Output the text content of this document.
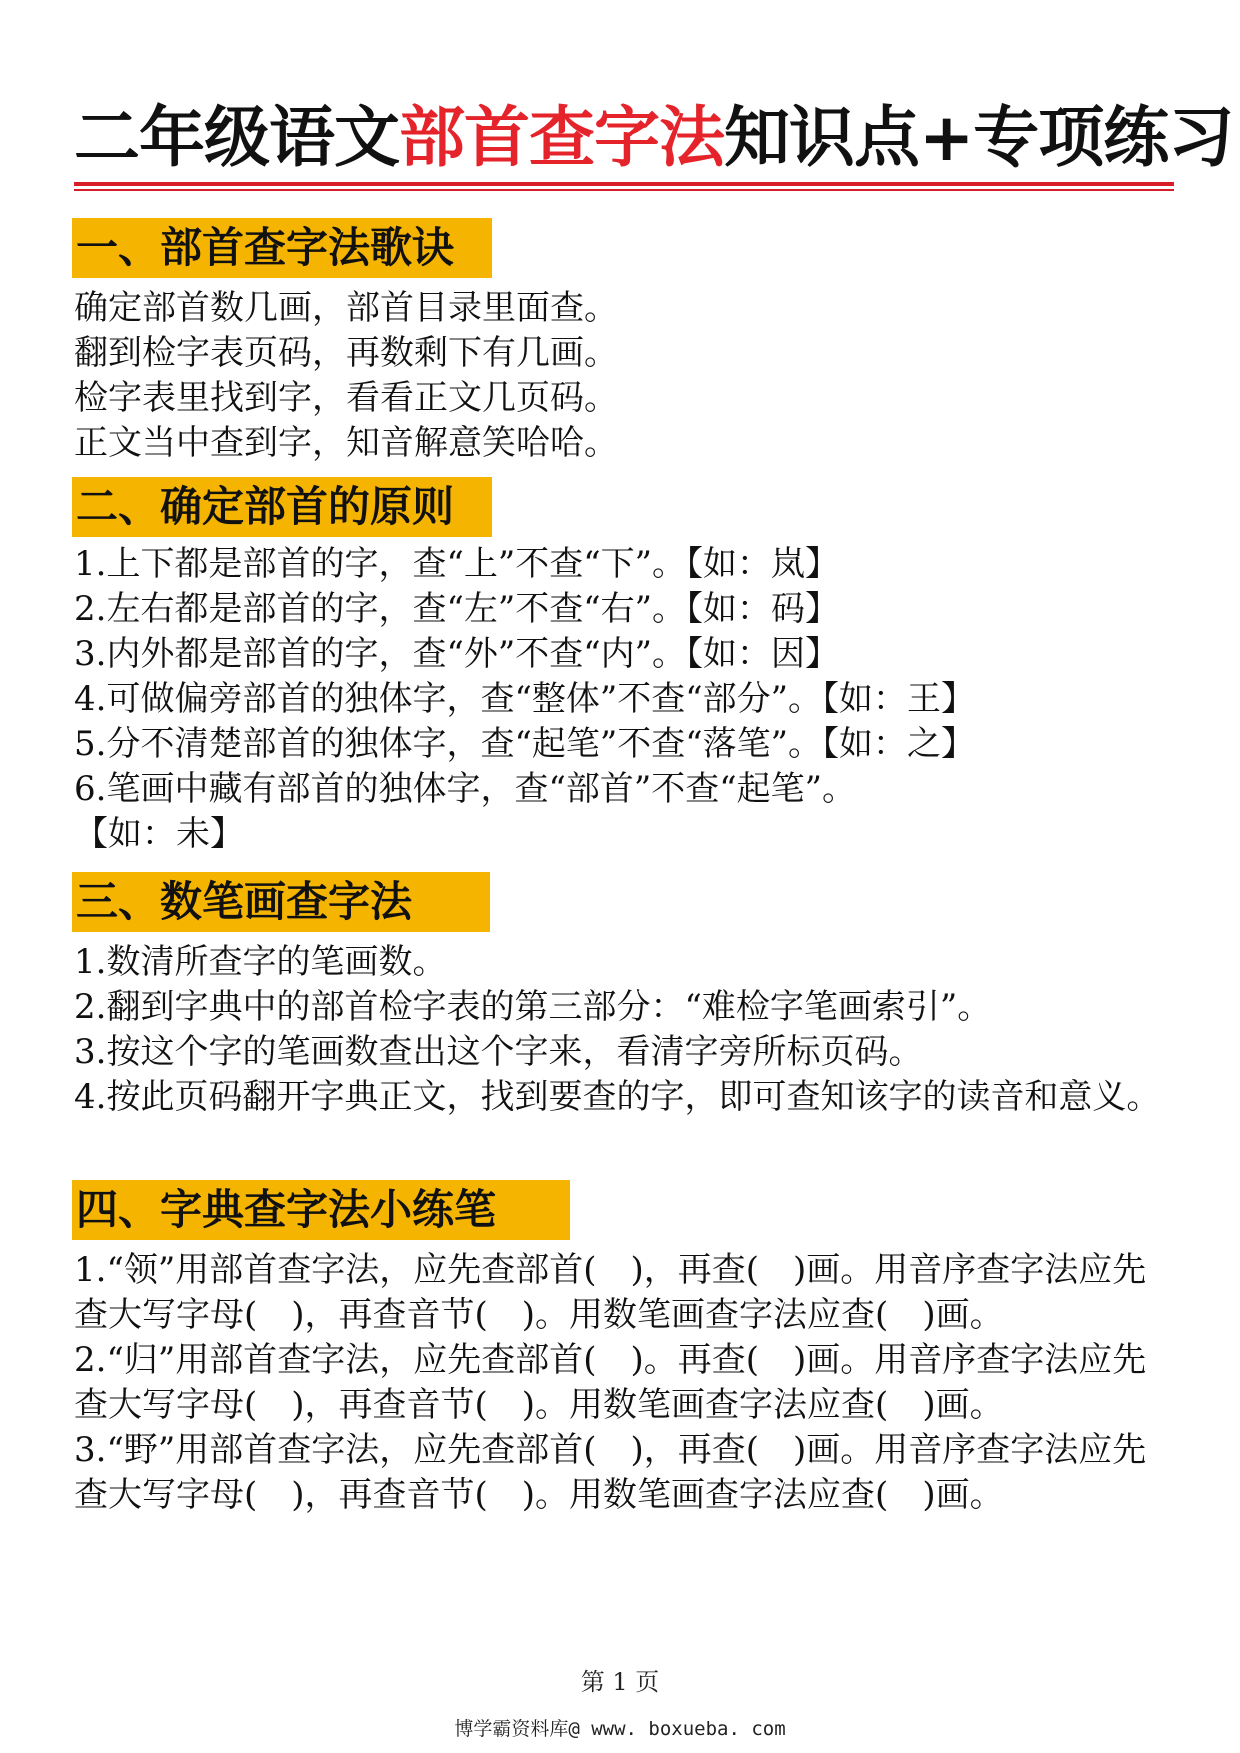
二年级语文部首查字法知识点+专项练习
一、部首查字法歌诀

确定部首数几画，部首目录里面查。

翻到检字表页码，再数剩下有几画。

检字表里找到字，看看正文几页码。

正文当中查到字，知音解意笑哈哈。

二、确定部首的原则

1.上下都是部首的字，查“上”不查“下”。【如：岚】

2.左右都是部首的字，查“左”不查“右”。【如：码】

3.内外都是部首的字，查“外”不查“内”。【如：因】

4.可做偏旁部首的独体字，查“整体”不查“部分”。【如：王】

5.分不清楚部首的独体字，查“起笔”不查“落笔”。【如：之】

6.笔画中藏有部首的独体字，查“部首”不查“起笔”。

【如：未】

三、数笔画查字法

1.数清所查字的笔画数。

2.翻到字典中的部首检字表的第三部分：“难检字笔画索引”。

3.按这个字的笔画数查出这个字来，看清字旁所标页码。

4.按此页码翻开字典正文，找到要查的字，即可查知该字的读音和意义。

四、字典查字法小练笔

1.“领”用部首查字法，应先查部首(　)，再查(　)画。用音序查字法应先查大写字母(　)，再查音节(　)。用数笔画查字法应查(　)画。

2.“归”用部首查字法，应先查部首(　)。再查(　)画。用音序查字法应先查大写字母(　)，再查音节(　)。用数笔画查字法应查(　)画。

3.“野”用部首查字法，应先查部首(　)，再查(　)画。用音序查字法应先查大写字母(　)，再查音节(　)。用数笔画查字法应查(　)画。

第 1 页
博学霸资料库@ www. boxueba. com
